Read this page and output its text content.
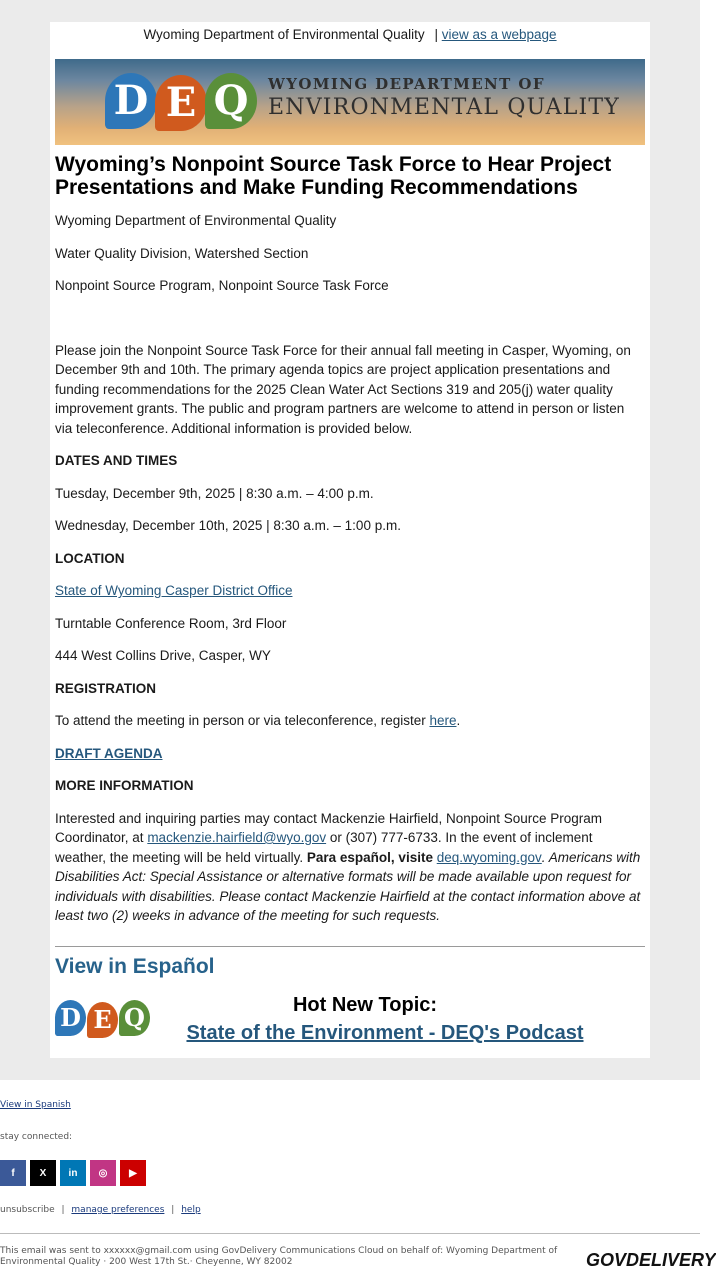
Wyoming Department of Environmental Quality | view as a webpage
D E Q	WYOMING DEPARTMENT OF
ENVIRONMENTAL QUALITY
Wyoming’s Nonpoint Source Task Force to Hear Project Presentations and Make Funding Recommendations

Wyoming Department of Environmental Quality

Water Quality Division, Watershed Section

Nonpoint Source Program, Nonpoint Source Task Force

Please join the Nonpoint Source Task Force for their annual fall meeting in Casper, Wyoming, on December 9th and 10th. The primary agenda topics are project application presentations and funding recommendations for the 2025 Clean Water Act Sections 319 and 205(j) water quality improvement grants. The public and program partners are welcome to attend in person or listen via teleconference. Additional information is provided below.

DATES AND TIMES

Tuesday, December 9th, 2025 | 8:30 a.m. – 4:00 p.m.

Wednesday, December 10th, 2025 | 8:30 a.m. – 1:00 p.m.

LOCATION

State of Wyoming Casper District Office

Turntable Conference Room, 3rd Floor

444 West Collins Drive, Casper, WY

REGISTRATION

To attend the meeting in person or via teleconference, register here.

DRAFT AGENDA

MORE INFORMATION

Interested and inquiring parties may contact Mackenzie Hairfield, Nonpoint Source Program Coordinator, at mackenzie.hairfield@wyo.gov or (307) 777-6733. In the event of inclement weather, the meeting will be held virtually. Para español, visite deq.wyoming.gov. Americans with Disabilities Act: Special Assistance or alternative formats will be made available upon request for individuals with disabilities. Please contact Mackenzie Hairfield at the contact information above at least two (2) weeks in advance of the meeting for such requests.

View in Español

D E Q	Hot New Topic:
State of the Environment - DEQ's Podcast
View in Spanish
stay connected:
f	X	in	◎	▶
unsubscribe | manage preferences | help
This email was sent to xxxxxx@gmail.com using GovDelivery Communications Cloud on behalf of: Wyoming Department of Environmental Quality · 200 West 17th St.· Cheyenne, WY 82002	GOVDELIVERY
